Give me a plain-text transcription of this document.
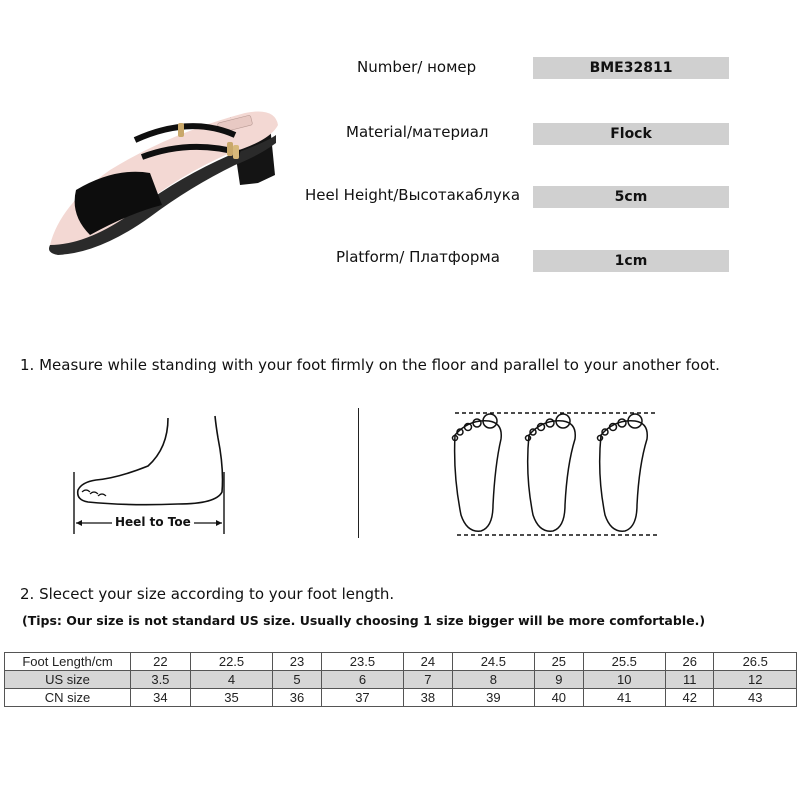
Number/ номер	BME32811
Material/материал	Flock
Heel Height/Высотакаблука	5cm
Platform/ Платформа	1cm
1. Measure while standing with your foot firmly on the floor and parallel to your another foot.
Heel to Toe
2. Slecect your size according to your foot length.
(Tips: Our size is not standard US size. Usually choosing 1 size bigger will be more comfortable.)
Foot Length/cm	22	22.5	23	23.5	24	24.5	25	25.5	26	26.5
US size	3.5	4	5	6	7	8	9	10	11	12
CN size	34	35	36	37	38	39	40	41	42	43
